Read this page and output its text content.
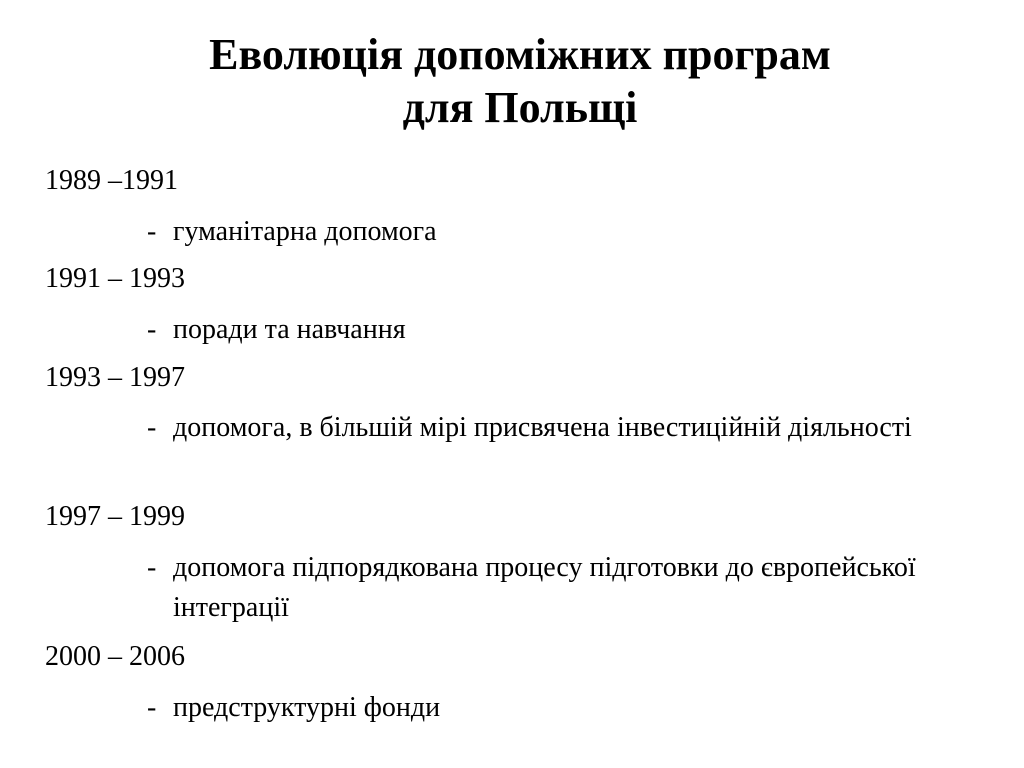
Еволюція допоміжних програм
для Польщі
1989 –1991
- гуманітарна допомога
1991 – 1993
- поради та навчання
1993 – 1997
- допомога, в більшій мірі присвячена інвестиційній діяльності
1997 – 1999
- допомога підпорядкована процесу підготовки до європейської інтеграції
2000 – 2006
- предструктурні фонди
